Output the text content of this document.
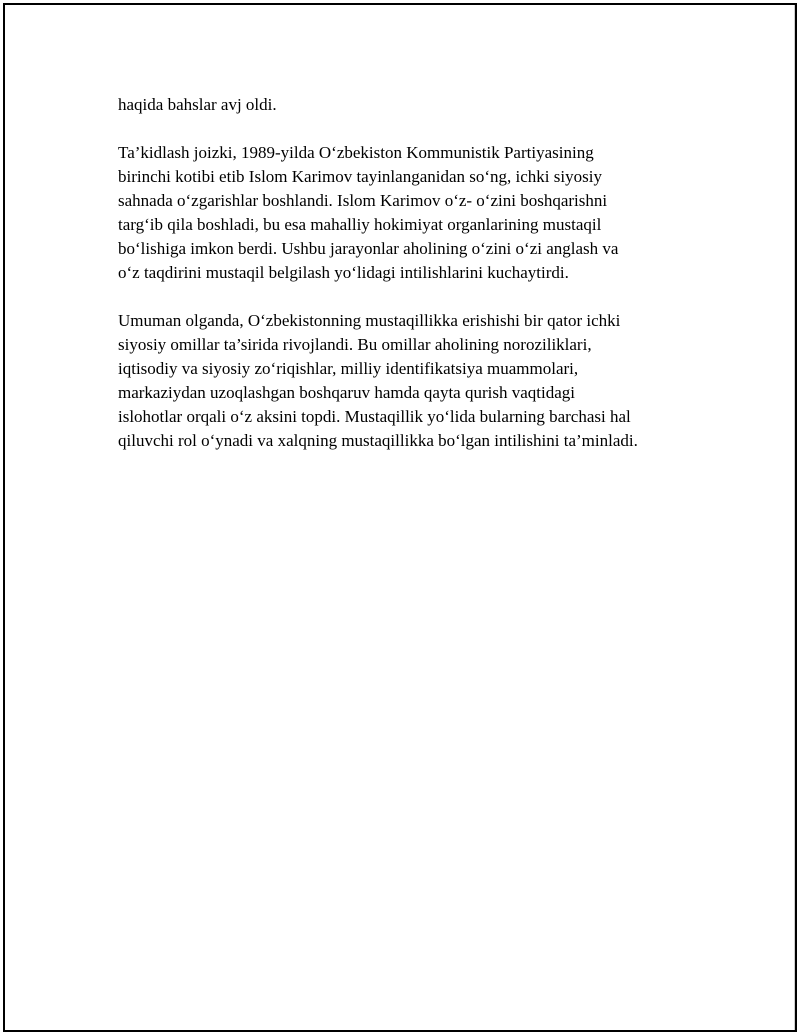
haqida bahslar avj oldi.

Ta’kidlash joizki, 1989-yilda O‘zbekiston Kommunistik Partiyasining
birinchi kotibi etib Islom Karimov tayinlanganidan so‘ng, ichki siyosiy
sahnada o‘zgarishlar boshlandi. Islom Karimov o‘z- o‘zini boshqarishni
targ‘ib qila boshladi, bu esa mahalliy hokimiyat organlarining mustaqil
bo‘lishiga imkon berdi. Ushbu jarayonlar aholining o‘zini o‘zi anglash va
o‘z taqdirini mustaqil belgilash yo‘lidagi intilishlarini kuchaytirdi.

Umuman olganda, O‘zbekistonning mustaqillikka erishishi bir qator ichki
siyosiy omillar ta’sirida rivojlandi. Bu omillar aholining noroziliklari,
iqtisodiy va siyosiy zo‘riqishlar, milliy identifikatsiya muammolari,
markaziydan uzoqlashgan boshqaruv hamda qayta qurish vaqtidagi
islohotlar orqali o‘z aksini topdi. Mustaqillik yo‘lida bularning barchasi hal
qiluvchi rol o‘ynadi va xalqning mustaqillikka bo‘lgan intilishini ta’minladi.
